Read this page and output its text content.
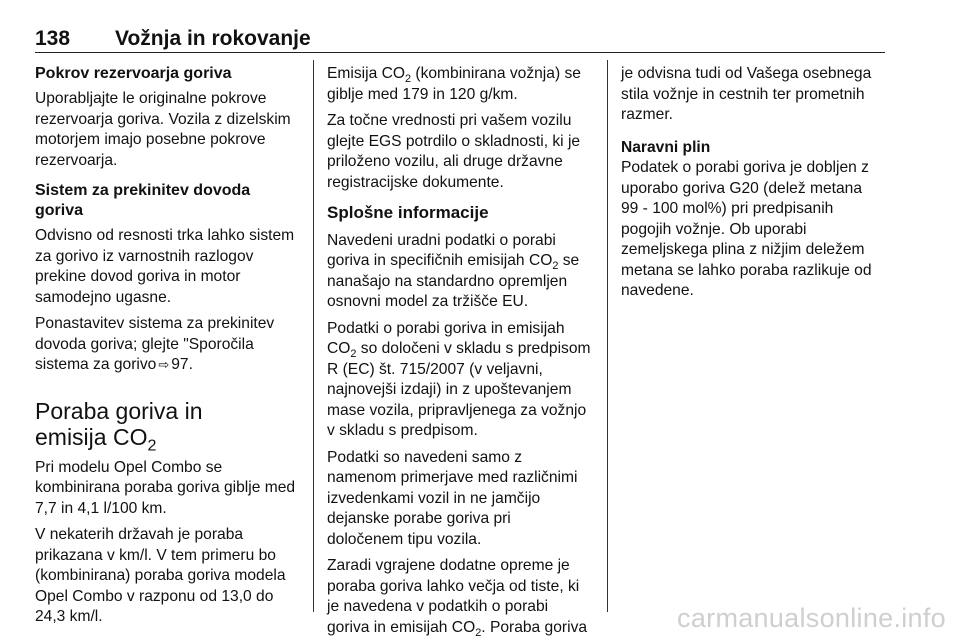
138 Vožnja in rokovanje
Pokrov rezervoarja goriva
Uporabljajte le originalne pokrove
rezervoarja goriva. Vozila z dizelskim
motorjem imajo posebne pokrove
rezervoarja.
Sistem za prekinitev dovoda
goriva
Odvisno od resnosti trka lahko sistem
za gorivo iz varnostnih razlogov
prekine dovod goriva in motor
samodejno ugasne.
Ponastavitev sistema za prekinitev
dovoda goriva; glejte "Sporočila
sistema za gorivo ⇨ 97.
Poraba goriva in
emisija $CO_2$
Pri modelu Opel Combo se
kombinirana poraba goriva giblje med
7,7 in 4,1 l/100 km.
V nekaterih državah je poraba
prikazana v km/l. V tem primeru bo
(kombinirana) poraba goriva modela
Opel Combo v razponu od 13,0 do
24,3 km/l.
Emisija $CO_2$ (kombinirana vožnja) se
giblje med 179 in 120 g/km.
Za točne vrednosti pri vašem vozilu
glejte EGS potrdilo o skladnosti, ki je
priloženo vozilu, ali druge državne
registracijske dokumente.
Splošne informacije
Navedeni uradni podatki o porabi
goriva in specifičnih emisijah $CO_2$ se
nanašajo na standardno opremljen
osnovni model za tržišče EU.
Podatki o porabi goriva in emisijah
$CO_2$ so določeni v skladu s predpisom
R (EC) št. 715/2007 (v veljavni,
najnovejši izdaji) in z upoštevanjem
mase vozila, pripravljenega za vožnjo
v skladu s predpisom.
Podatki so navedeni samo z
namenom primerjave med različnimi
izvedenkami vozil in ne jamčijo
dejanske porabe goriva pri
določenem tipu vozila.
Zaradi vgrajene dodatne opreme je
poraba goriva lahko večja od tiste, ki
je navedena v podatkih o porabi
goriva in emisijah $CO_2$. Poraba goriva
je odvisna tudi od Vašega osebnega
stila vožnje in cestnih ter prometnih
razmer.
Naravni plin
Podatek o porabi goriva je dobljen z
uporabo goriva G20 (delež metana
99 - 100 mol%) pri predpisanih
pogojih vožnje. Ob uporabi
zemeljskega plina z nižjim deležem
metana se lahko poraba razlikuje od
navedene.
carmanualsonline.info
